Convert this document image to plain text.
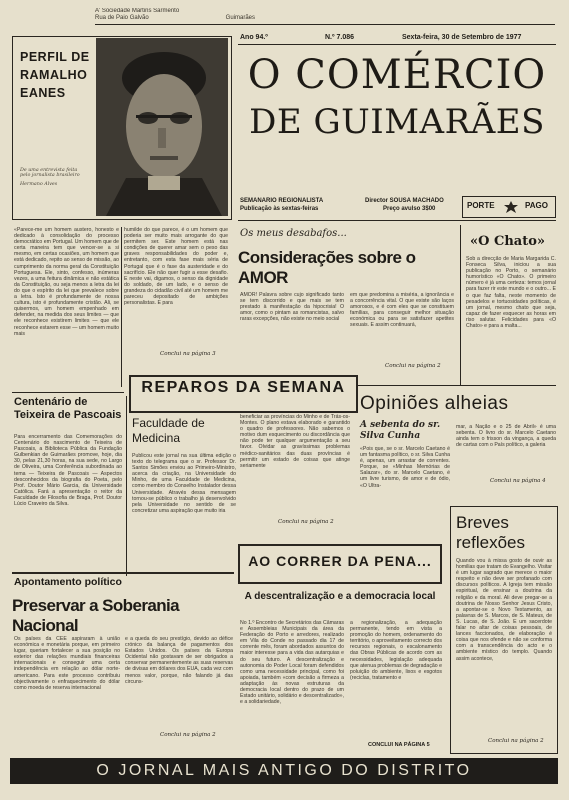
A' Sociedade Martins Sarmento
Rua de Paio Galvão	Guimarães
PERFIL DE RAMALHO EANES
De uma entrevista feita
pelo jornalista brasileiro
Hermano Alves
Ano 94.º	N.º 7.086	Sexta-feira, 30 de Setembro de 1977
O COMÉRCIO
DE GUIMARÃES
SEMANARIO REGIONALISTA
Publicação às sextas-feiras
Director SOUSA MACHADO
Preço avulso 3$00	PORTE	PAGO
«Parece-me um homem austero, honesto e dedicado à consolidação do processo democrático em Portugal. Um homem que de certa maneira tem que vencer-se a si mesmo, em certas ocasiões, um homem que está dedicado, repito ao senso de missão, ao cumprimento da norma geral da Constituição Portuguesa. Ele, sinto, confesso, inúmeras vezes, a uma feitura dinâmica e não estática da Constituição, ou seja menos a letra da lei do que o espírito da lei que prevalece sobre a letra. Isto é profundamente de nossa cultura, isto é profundamente cristão. Ali, se quisermos, um homem empenhado em defender, na medida dos seus limites — que ele reconhece existirem limites — que ele reconhece estarem esse — um homem muito mais
humilde do que parece, é o um homem que poderia ser muito mais arrogante do que permitem ser. Este homem está nas condições de querer amar sem o peso das graves responsabilidades do poder e, entretanto, com esta fase mais séria de Portugal que é o fase da austeridade e do sacrifício. Ele não quer fugir a esse desafio. E neste vai, digamos, o senso da dignidade do soldado, de um lado, e o senso de grandeza do cidadão civil até um homem me pareceu depositado de ambições personalistas. E para
Conclui na página 3
Os meus desabafos...
Considerações sobre o AMOR
AMOR! Palavra sobre cujo significado tanto se tem discorrido e que mais se tem prestado à manifestação da hipocrisia! O amor, como o pintam as romancistas, salvo raras excepções, não existe no meio social
em que predomina a miséria, a ignorância e a concorrência vital. O que existe são laços amorosos, e é com eles que se constituem famílias, para conseguir melhor situação económica ou para se satisfazer apetites sexuais. E assim continuará,
Conclui na página 2
«O Chato»
Sob a direcção de Maria Margarida C. Fonseca Silva, iniciou a sua publicação no Porto, o semanário humorístico «O Chato». O primeiro número é já uma certeza: temos jornal para fazer rir este mundo e o outro... E o que faz falta, neste momento de pesadelos e tortuosidades políticas, é um jornal, mesmo chato que seja, capaz de fazer esquecer as horas em riso salutar. Felicidades para «O Chato» e para a malta...
REPAROS DA SEMANA
Centenário de Teixeira de Pascoais
Para encerramento das Comemorações do Centenário do nascimento de Teixeira de Pascoais, a Biblioteca Pública da Fundação Gulbenkian de Guimarães promove, hoje, dia 30, pelas 21,30 horas, na sua sede, no Largo de Oliveira, uma Conferência subordinada ao tema — Teixeira de Pascoais — Aspectos desconhecidos da biografia do Poeta, pelo Prof. Doutor Mário Garcia, da Universidade Católica. Fará a apresentação o reitor da Faculdade de Filosofia de Braga, Prof. Doutor Lúcio Craveiro da Silva.
Faculdade de Medicina
Publicou este jornal na sua última edição o texto do telegrama que o sr. Professor Dr. Santos Simões enviou ao Primeiro-Ministro, acerca da criação, na Universidade do Minho, de uma Faculdade de Medicina, como membro do Conselho Instalador dessa Universidade. Através dessa mensagem tornou-se público o trabalho já desenvolvido pela Universidade no sentido de se concretizar uma aspiração que muito iria
beneficiar as províncias do Minho e de Trás-os-Montes. O plano estava elaborado e garantido o quadro de professores. Não sabemos o motivo dum esquecimento ou discordância que não pode ter qualquer argumentação a seu favor. Olvidar as gravíssimas problemas médico-sanitários das duas províncias é permitir um estado de coisas que atinge seriamente
Conclui na página 2
Opiniões alheias
A sebenta do sr. Silva Cunha
«Pois que, se o sr. Marcelo Caetano é um fantasma político, o sr. Silva Cunha é, apenas, um arrastar de correntes. Porque, se «Minhas Memórias de Salazar», do sr. Marcelo Caetano, é um livre turismo, de amor e de ódio, «O Ultra-
mar, a Nação e o 25 de Abril» é uma sebenta. O livro do sr. Marcelo Caetano ainda tem o frisson da vingança, a queda de cartas com o País político, a galeria
Conclui na página 4
AO CORRER DA PENA...
A descentralização e a democracia local
No 1.º Encontro de Secretários das Câmaras e Assembleias Municipais da área da Federação do Porto e arredores, realizado em Vila do Conde no passado dia 17 de corrente mês, foram abordados assuntos do maior interesse para a vida das autarquias e do seu futuro. A descentralização e autonomia do Poder Local foram defendidos como uma necessidade principal, como foi apoiada, também «com decisão a firmeza a adaptação às novas estruturas da democracia local dentro do prazo de um Estado unitário, solidário e descentralizado», e a solidariedade,
a regionalização, a adequação permanente, tendo em vista a promoção do homem, ordenamento do território, o aproveitamento correcto dos recursos regionais, o escalonamento das Obras Públicas de acordo com as necessidades, legislação adequada que atenua problemas de degradação e poluição do ambiente, lixos e esgotos (reciclas, tratamento e
CONCLUI NA PÁGINA 5
Breves reflexões
Quando vou à missa gosto de ouvir as homilias que tratam do Evangelho. Visitar é um lugar sagrado que merece o maior respeito e não deve ser profanado com discursos políticos. A Igreja tem missão espiritual, de ensinar a doutrina da religião e da moral. Ali deve pregar-se a doutrina de Nosso Senhor Jesus Cristo, a apontar-se o Novo Testamento, as palavras de S. Marcos, de S. Mateus, de S. Lucas, de S. João. E um sacerdote falar no altar de coisas pessoais, de lances faccionados, de elaboração é coisa que nos ofende e não se conforma com a transcendência do acto e o ambiente místico do templo. Quando assim acontece,
Conclui na página 2
Apontamento político
Preservar a Soberania Nacional
Os países da CEE aspiraram à união económica e monetária porque, em primeiro lugar, queriam fortalecer a sua posição no exterior das relações mundiais financeiras internacionais e conseguir uma certa independência em relação ao dólar norte-americano. Para este processo contribuiu objectivamente o enfraquecimento do dólar como moeda de reserva internacional
e a queda do seu prestígio, devido ao défice crónico da balança de pagamentos dos Estados Unidos. Os países da Europa Ocidental não gostavam de ser obrigados a conservar permanentemente as suas reservas de divisas em dólares dos EUA, cada vez com menos valor, porque, não falando já das circuns-
Conclui na página 2
O JORNAL MAIS ANTIGO DO DISTRITO
